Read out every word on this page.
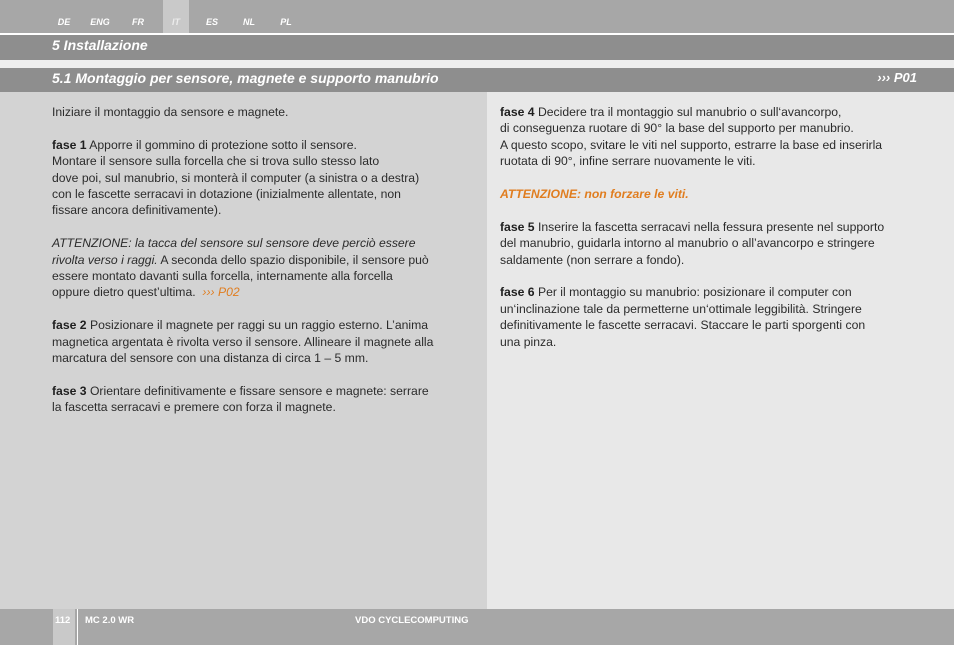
DE	ENG	FR	IT	ES	NL	PL
5 Installazione
5.1 Montaggio per sensore, magnete e supporto manubrio	››› P01

Iniziare il montaggio da sensore e magnete.

fase 1 Apporre il gommino di protezione sotto il sensore.
Montare il sensore sulla forcella che si trova sullo stesso lato
dove poi, sul manubrio, si monterà il computer (a sinistra o a destra)
con le fascette serracavi in dotazione (inizialmente allentate, non
fissare ancora definitivamente).

ATTENZIONE: la tacca del sensore sul sensore deve perciò essere
rivolta verso i raggi. A seconda dello spazio disponibile, il sensore può
essere montato davanti sulla forcella, internamente alla forcella
oppure dietro quest’ultima. ››› P02

fase 2 Posizionare il magnete per raggi su un raggio esterno. L’anima
magnetica argentata è rivolta verso il sensore. Allineare il magnete alla
marcatura del sensore con una distanza di circa 1 – 5 mm.

fase 3 Orientare definitivamente e fissare sensore e magnete: serrare
la fascetta serracavi e premere con forza il magnete.

fase 4 Decidere tra il montaggio sul manubrio o sull‘avancorpo,
di conseguenza ruotare di 90° la base del supporto per manubrio.
A questo scopo, svitare le viti nel supporto, estrarre la base ed inserirla
ruotata di 90°, infine serrare nuovamente le viti.

ATTENZIONE: non forzare le viti.

fase 5 Inserire la fascetta serracavi nella fessura presente nel supporto
del manubrio, guidarla intorno al manubrio o all’avancorpo e stringere
saldamente (non serrare a fondo).

fase 6 Per il montaggio su manubrio: posizionare il computer con
un‘inclinazione tale da permetterne un‘ottimale leggibilità. Stringere
definitivamente le fascette serracavi. Staccare le parti sporgenti con
una pinza.

112 MC 2.0 WR	VDO CYCLECOMPUTING
